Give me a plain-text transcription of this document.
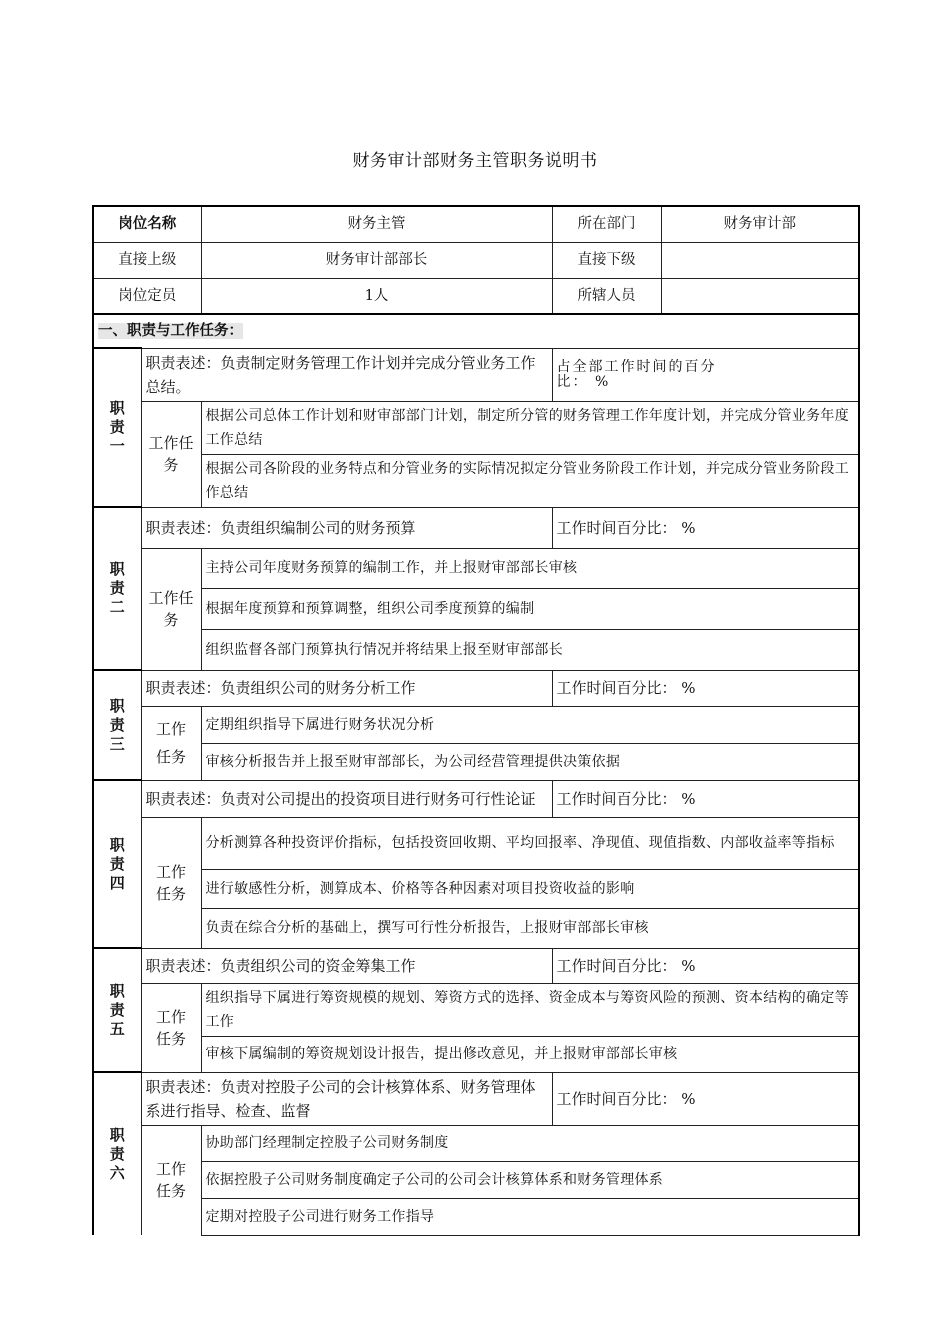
财务审计部财务主管职务说明书
岗位名称		财务主管	所在部门	财务审计部
直接上级		财务审计部部长	直接下级	
岗位定员		1人	所辖人员	
一、职责与工作任务：				

职
责
一	职责表述：负责制定财务管理工作计划并完成分管业务工作总结。		占全部工作时间的百分比： %	
	工作任务	根据公司总体工作计划和财审部部门计划，制定所分管的财务管理工作年度计划，并完成分管业务年度工作总结		
		根据公司各阶段的业务特点和分管业务的实际情况拟定分管业务阶段工作计划，并完成分管业务阶段工作总结		

职
责
二	职责表述：负责组织编制公司的财务预算		工作时间百分比： %	
	工作任务	主持公司年度财务预算的编制工作，并上报财审部部长审核		
		根据年度预算和预算调整，组织公司季度预算的编制		
		组织监督各部门预算执行情况并将结果上报至财审部部长		

职
责
三	职责表述：负责组织公司的财务分析工作		工作时间百分比： %	
	工作任务	定期组织指导下属进行财务状况分析		
		审核分析报告并上报至财审部部长，为公司经营管理提供决策依据		

职
责
四	职责表述：负责对公司提出的投资项目进行财务可行性论证		工作时间百分比： %	
	工作任务	分析测算各种投资评价指标，包括投资回收期、平均回报率、净现值、现值指数、内部收益率等指标		
		进行敏感性分析，测算成本、价格等各种因素对项目投资收益的影响		
		负责在综合分析的基础上，撰写可行性分析报告，上报财审部部长审核		

职
责
五	职责表述：负责组织公司的资金筹集工作		工作时间百分比： %	
	工作任务	组织指导下属进行筹资规模的规划、筹资方式的选择、资金成本与筹资风险的预测、资本结构的确定等工作		
		审核下属编制的筹资规划设计报告，提出修改意见，并上报财审部部长审核		

职
责
六	职责表述：负责对控股子公司的会计核算体系、财务管理体系进行指导、检查、监督		工作时间百分比： %	
	工作任务	协助部门经理制定控股子公司财务制度		
		依据控股子公司财务制度确定子公司的公司会计核算体系和财务管理体系		
		定期对控股子公司进行财务工作指导		
